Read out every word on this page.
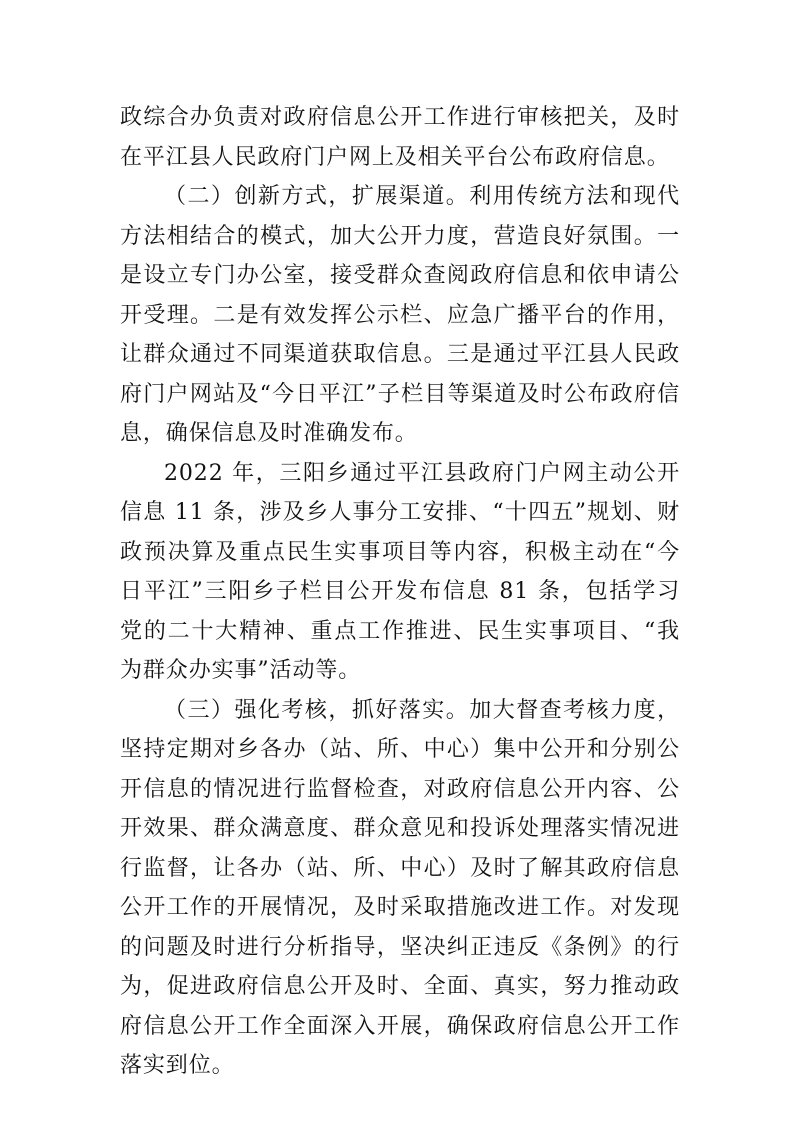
政综合办负责对政府信息公开工作进行审核把关，及时在平江县人民政府门户网上及相关平台公布政府信息。

（二）创新方式，扩展渠道。利用传统方法和现代方法相结合的模式，加大公开力度，营造良好氛围。一是设立专门办公室，接受群众查阅政府信息和依申请公开受理。二是有效发挥公示栏、应急广播平台的作用，让群众通过不同渠道获取信息。三是通过平江县人民政府门户网站及“今日平江”子栏目等渠道及时公布政府信息，确保信息及时准确发布。

2022 年，三阳乡通过平江县政府门户网主动公开信息 11 条，涉及乡人事分工安排、“十四五”规划、财政预决算及重点民生实事项目等内容，积极主动在“今日平江”三阳乡子栏目公开发布信息 81 条，包括学习党的二十大精神、重点工作推进、民生实事项目、“我为群众办实事”活动等。

（三）强化考核，抓好落实。加大督查考核力度，坚持定期对乡各办（站、所、中心）集中公开和分别公开信息的情况进行监督检查，对政府信息公开内容、公开效果、群众满意度、群众意见和投诉处理落实情况进行监督，让各办（站、所、中心）及时了解其政府信息公开工作的开展情况，及时采取措施改进工作。对发现的问题及时进行分析指导，坚决纠正违反《条例》的行为，促进政府信息公开及时、全面、真实，努力推动政府信息公开工作全面深入开展，确保政府信息公开工作落实到位。
